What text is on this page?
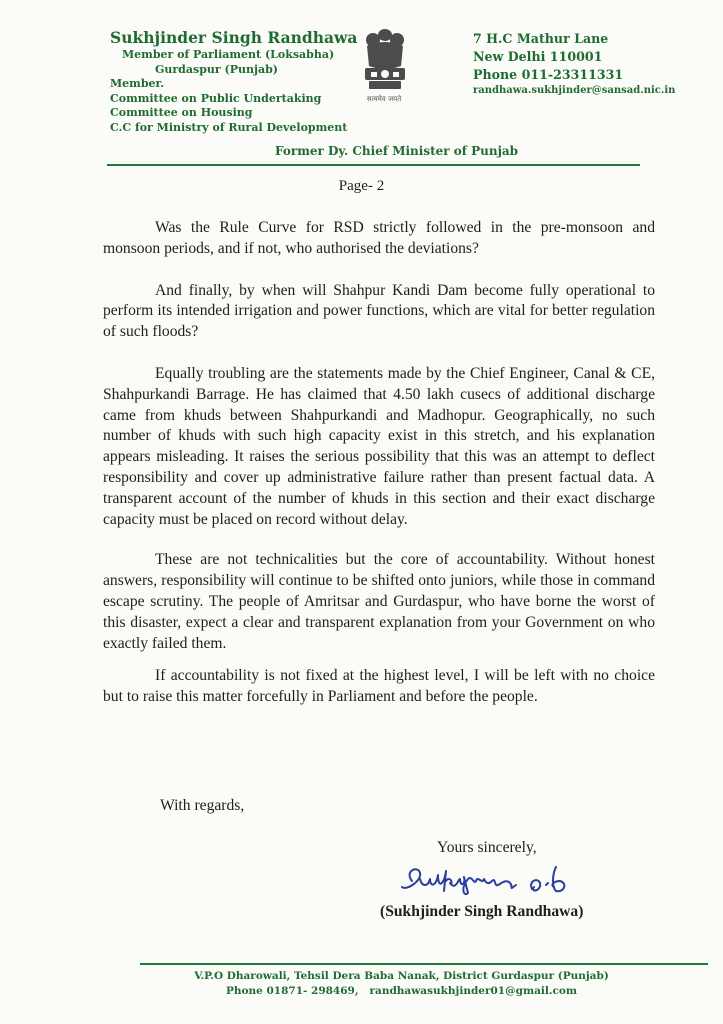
Sukhjinder Singh Randhawa
Member of Parliament (Loksabha)
Gurdaspur (Punjab)
Member.
Committee on Public Undertaking
Committee on Housing
C.C for Ministry of Rural Development
सत्यमेव जयते
7 H.C Mathur Lane
New Delhi 110001
Phone 011-23311331
randhawa.sukhjinder@sansad.nic.in
Former Dy. Chief Minister of Punjab
Page- 2

Was the Rule Curve for RSD strictly followed in the pre-monsoon and monsoon periods, and if not, who authorised the deviations?

And finally, by when will Shahpur Kandi Dam become fully operational to perform its intended irrigation and power functions, which are vital for better regulation of such floods?

Equally troubling are the statements made by the Chief Engineer, Canal & CE, Shahpurkandi Barrage. He has claimed that 4.50 lakh cusecs of additional discharge came from khuds between Shahpurkandi and Madhopur. Geographically, no such number of khuds with such high capacity exist in this stretch, and his explanation appears misleading. It raises the serious possibility that this was an attempt to deflect responsibility and cover up administrative failure rather than present factual data. A transparent account of the number of khuds in this section and their exact discharge capacity must be placed on record without delay.

These are not technicalities but the core of accountability. Without honest answers, responsibility will continue to be shifted onto juniors, while those in command escape scrutiny. The people of Amritsar and Gurdaspur, who have borne the worst of this disaster, expect a clear and transparent explanation from your Government on who exactly failed them.

If accountability is not fixed at the highest level, I will be left with no choice but to raise this matter forcefully in Parliament and before the people.

With regards,
Yours sincerely,
(Sukhjinder Singh Randhawa)
V.P.O Dharowali, Tehsil Dera Baba Nanak, District Gurdaspur (Punjab)
Phone 01871- 298469, randhawasukhjinder01@gmail.com
